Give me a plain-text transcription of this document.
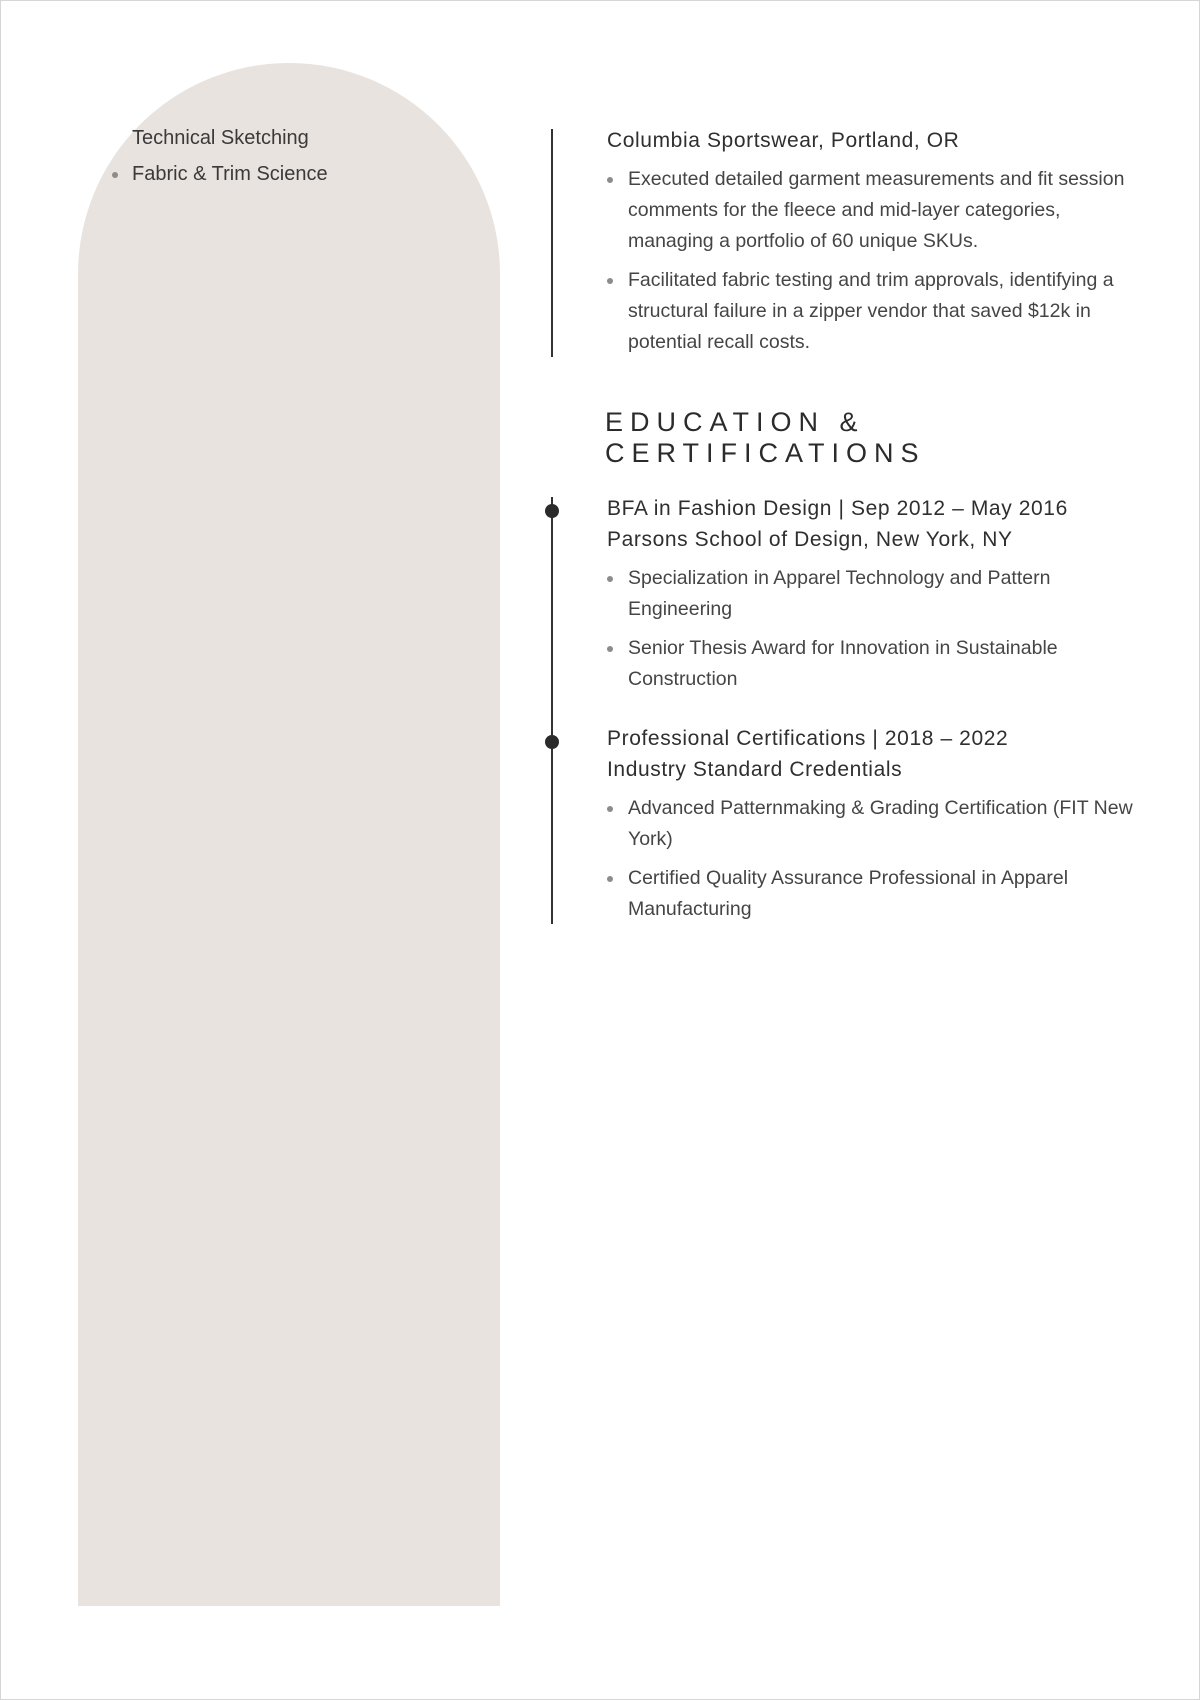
Technical Sketching
Fabric & Trim Science
Columbia Sportswear, Portland, OR
Executed detailed garment measurements and fit session comments for the fleece and mid-layer categories, managing a portfolio of 60 unique SKUs.
Facilitated fabric testing and trim approvals, identifying a structural failure in a zipper vendor that saved $12k in potential recall costs.
EDUCATION & CERTIFICATIONS
BFA in Fashion Design | Sep 2012 – May 2016
Parsons School of Design, New York, NY
Specialization in Apparel Technology and Pattern Engineering
Senior Thesis Award for Innovation in Sustainable Construction
Professional Certifications | 2018 – 2022
Industry Standard Credentials
Advanced Patternmaking & Grading Certification (FIT New York)
Certified Quality Assurance Professional in Apparel Manufacturing
